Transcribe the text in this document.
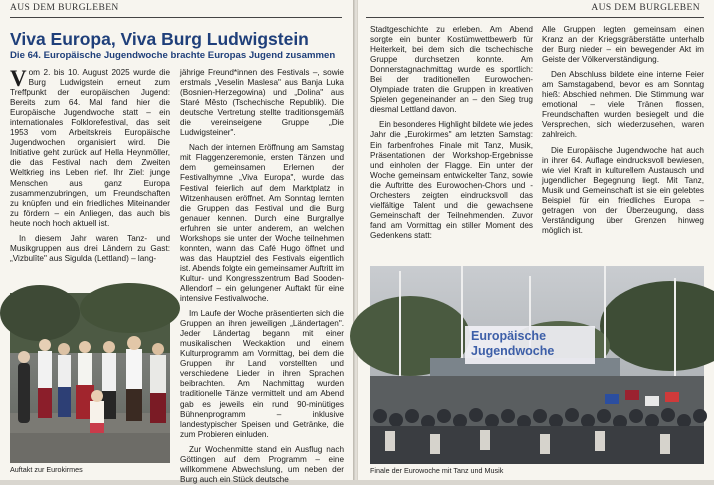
AUS DEM BURGLEBEN
Viva Europa, Viva Burg Ludwigstein
Die 64. Europäische Jugendwoche brachte Europas Jugend zusammen

Vom 2. bis 10. August 2025 wurde die Burg Ludwigstein erneut zum Treffpunkt der europäischen Jugend: Bereits zum 64. Mal fand hier die Europäische Jugendwoche statt – ein internationales Folklorefestival, das seit 1953 vom Arbeitskreis Europäische Jugendwochen organisiert wird. Die Initiative geht zurück auf Hella Heynmöller, die das Festival nach dem Zweiten Weltkrieg ins Leben rief. Ihr Ziel: junge Menschen aus ganz Europa zusammenzubringen, um Freundschaften zu knüpfen und ein friedliches Miteinander zu fördern – ein Anliegen, das auch bis heute noch hoch aktuell ist.

In diesem Jahr waren Tanz- und Musikgruppen aus drei Ländern zu Gast: „Vizbulīte" aus Sigulda (Lettland) – lang-

jährige Freund*innen des Festivals –, sowie erstmals „Veselin Maslesa" aus Banja Luka (Bosnien-Herzegowina) und „Dolina" aus Staré Město (Tschechische Republik). Die deutsche Vertretung stellte traditionsgemäß die vereinseigene Gruppe „Die Ludwigsteiner".

Nach der internen Eröffnung am Samstag mit Flaggenzeremonie, ersten Tänzen und dem gemeinsamen Erlernen der Festivalhymne „Viva Europa", wurde das Festival feierlich auf dem Marktplatz in Witzenhausen eröffnet. Am Sonntag lernten die Gruppen das Festival und die Burg genauer kennen. Durch eine Burgrallye erfuhren sie unter anderem, an welchen Workshops sie unter der Woche teilnehmen konnten, wann das Café Hugo öffnet und was das Hauptziel des Festivals eigentlich ist. Abends folgte ein gemeinsamer Auftritt im Kultur- und Kongresszentrum Bad Sooden-Allendorf – ein gelungener Auftakt für eine intensive Festivalwoche.

Im Laufe der Woche präsentierten sich die Gruppen an ihren jeweiligen „Ländertagen". Jeder Ländertag begann mit einer musikalischen Weckaktion und einem Kulturprogramm am Vormittag, bei dem die Gruppen ihr Land vorstellten und verschiedene Lieder in ihren Sprachen beibrachten. Am Nachmittag wurden traditionelle Tänze vermittelt und am Abend gab es jeweils ein rund 90-minütiges Bühnenprogramm – inklusive landestypischer Speisen und Getränke, die zum Probieren einluden.

Zur Wochenmitte stand ein Ausflug nach Göttingen auf dem Programm – eine willkommene Abwechslung, um neben der Burg auch ein Stück deutsche

Auftakt zur Eurokirmes
AUS DEM BURGLEBEN

Stadtgeschichte zu erleben. Am Abend sorgte ein bunter Kostümwettbewerb für Heiterkeit, bei dem sich die tschechische Gruppe durchsetzen konnte. Am Donnerstagnachmittag wurde es sportlich: Bei der traditionellen Eurowochen-Olympiade traten die Gruppen in kreativen Spielen gegeneinander an – den Sieg trug diesmal Lettland davon.

Ein besonderes Highlight bildete wie jedes Jahr die „Eurokirmes" am letzten Samstag: Ein farbenfrohes Finale mit Tanz, Musik, Präsentationen der Workshop-Ergebnisse und einholen der Flagge. Ein unter der Woche gemeinsam entwickelter Tanz, sowie die Auftritte des Eurowochen-Chors und -Orchesters zeigten eindrucksvoll das vielfältige Talent und die gewachsene Gemeinschaft der Teilnehmenden. Zuvor fand am Vormittag ein stiller Moment des Gedenkens statt:

Alle Gruppen legten gemeinsam einen Kranz an der Kriegsgräberstätte unterhalb der Burg nieder – ein bewegender Akt im Geiste der Völkerverständigung.

Den Abschluss bildete eine interne Feier am Samstagabend, bevor es am Sonntag hieß: Abschied nehmen. Die Stimmung war emotional – viele Tränen flossen, Freundschaften wurden besiegelt und die Versprechen, sich wiederzusehen, waren zahlreich.

Die Europäische Jugendwoche hat auch in ihrer 64. Auflage eindrucksvoll bewiesen, wie viel Kraft in kulturellem Austausch und jugendlicher Begegnung liegt. Mit Tanz, Musik und Gemeinschaft ist sie ein gelebtes Beispiel für ein friedliches Europa – getragen von der Überzeugung, dass Verständigung über Grenzen hinweg möglich ist.

Europäische
Jugendwoche
Finale der Eurowoche mit Tanz und Musik
